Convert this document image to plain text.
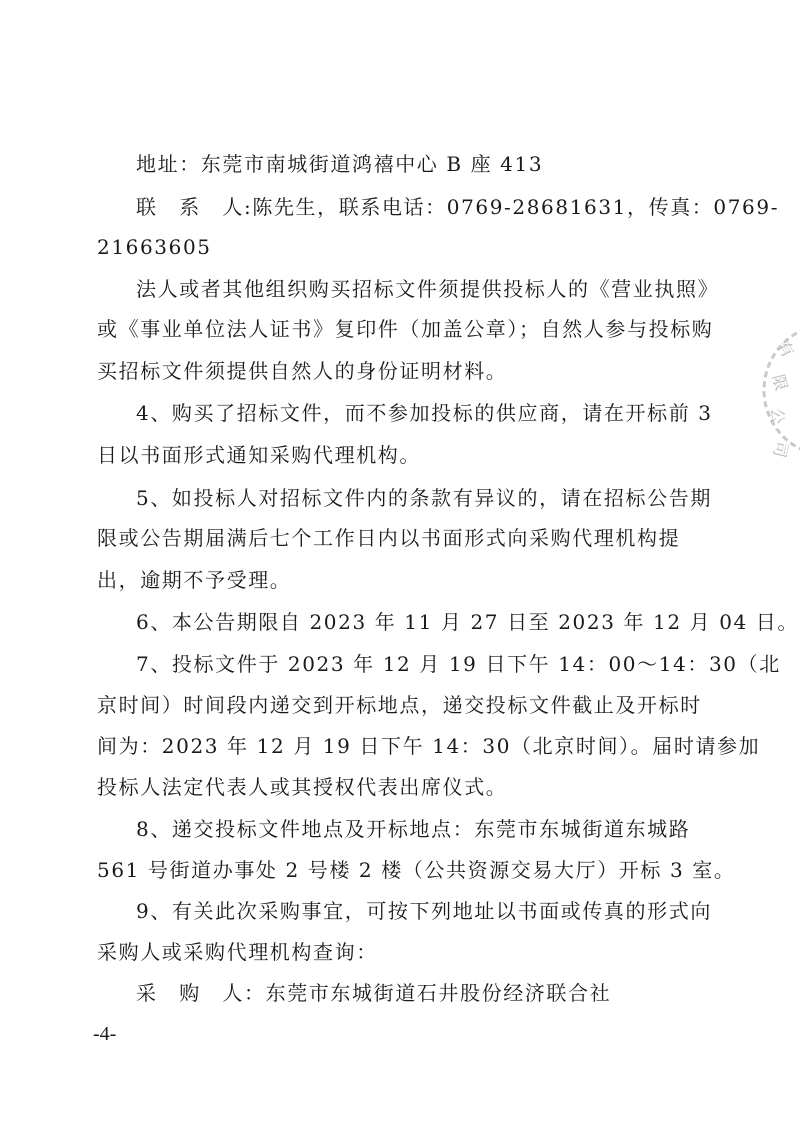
地址：东莞市南城街道鸿禧中心 B 座 413
联　系　人:陈先生，联系电话：0769-28681631，传真：0769-
21663605
法人或者其他组织购买招标文件须提供投标人的《营业执照》
或《事业单位法人证书》复印件（加盖公章）；自然人参与投标购
买招标文件须提供自然人的身份证明材料。
4、购买了招标文件，而不参加投标的供应商，请在开标前 3
日以书面形式通知采购代理机构。
5、如投标人对招标文件内的条款有异议的，请在招标公告期
限或公告期届满后七个工作日内以书面形式向采购代理机构提
出，逾期不予受理。
6、本公告期限自 2023 年 11 月 27 日至 2023 年 12 月 04 日。
7、投标文件于 2023 年 12 月 19 日下午 14：00～14：30（北
京时间）时间段内递交到开标地点，递交投标文件截止及开标时
间为：2023 年 12 月 19 日下午 14：30（北京时间）。届时请参加
投标人法定代表人或其授权代表出席仪式。
8、递交投标文件地点及开标地点：东莞市东城街道东城路
561 号街道办事处 2 号楼 2 楼（公共资源交易大厅）开标 3 室。
9、有关此次采购事宜，可按下列地址以书面或传真的形式向
采购人或采购代理机构查询：
采　购　人：东莞市东城街道石井股份经济联合社
-4-
有
限
公
司
